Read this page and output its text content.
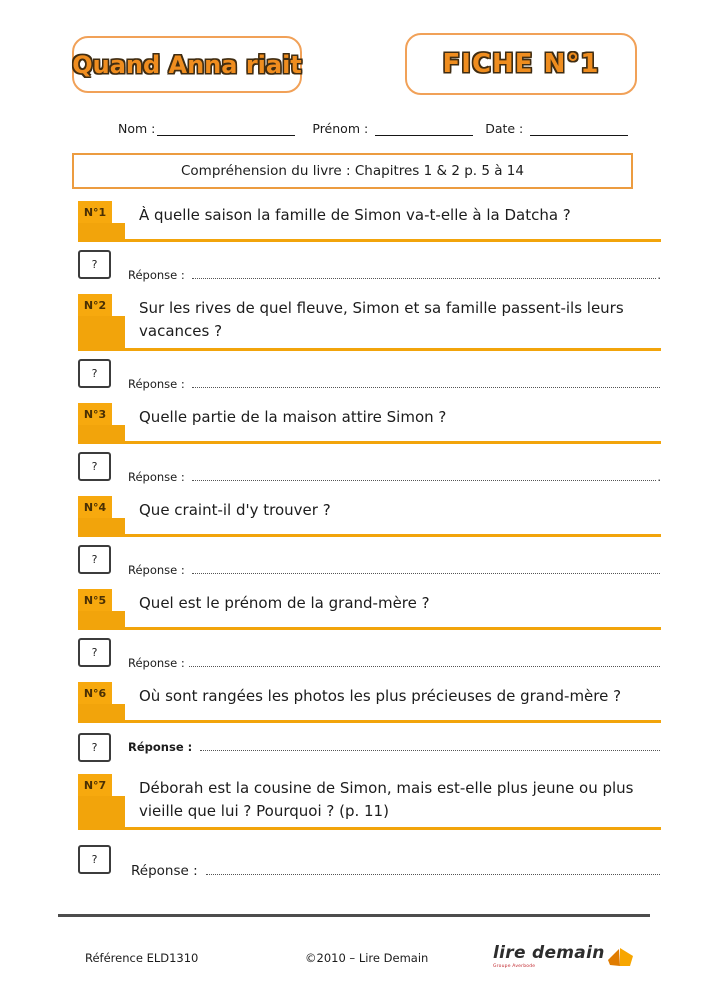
Quand Anna riait	FICHE N°1
Nom :	Prénom :	Date :
Compréhension du livre : Chapitres 1 & 2 p. 5 à 14
N°1	À quelle saison la famille de Simon va-t-elle à la Datcha ?
?
Réponse :	.
N°2	Sur les rives de quel fleuve, Simon et sa famille passent-ils leurs vacances ?
?
Réponse :
N°3	Quelle partie de la maison attire Simon ?
?
Réponse :	.
N°4	Que craint-il d'y trouver ?
?
Réponse :
N°5	Quel est le prénom de la grand-mère ?
?
Réponse :
N°6	Où sont rangées les photos les plus précieuses de grand-mère ?
?	Réponse :
N°7	Déborah est la cousine de Simon, mais est-elle plus jeune ou plus vieille que lui ? Pourquoi ? (p. 11)
?
Réponse :
Référence ELD1310	©2010 – Lire Demain	lire demain
Groupe Averbode
